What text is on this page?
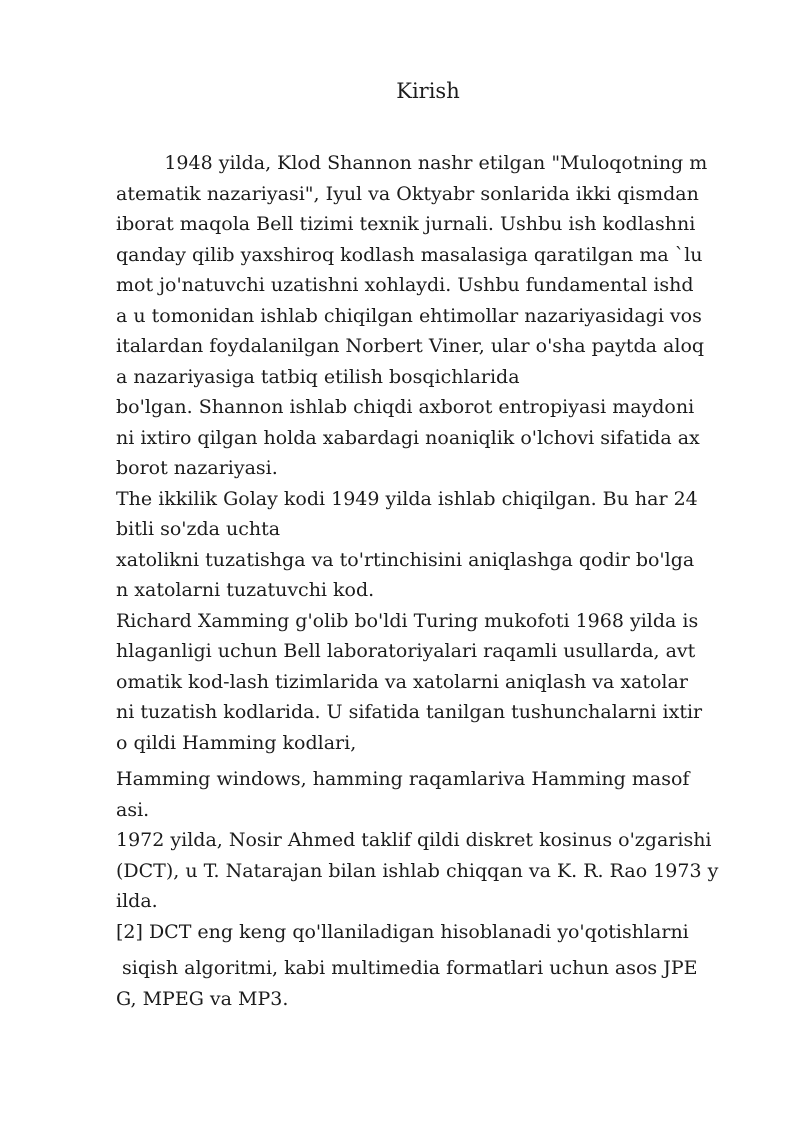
Kirish
1948 yilda, Klod Shannon nashr etilgan "Muloqotning m
atematik nazariyasi", Iyul va Oktyabr sonlarida ikki qismdan
iborat maqola Bell tizimi texnik jurnali. Ushbu ish kodlashni
qanday qilib yaxshiroq kodlash masalasiga qaratilgan ma `lu
mot jo'natuvchi uzatishni xohlaydi. Ushbu fundamental ishd
a u tomonidan ishlab chiqilgan ehtimollar nazariyasidagi vos
italardan foydalanilgan Norbert Viner, ular o'sha paytda aloq
a nazariyasiga tatbiq etilish bosqichlarida
bo'lgan. Shannon ishlab chiqdi axborot entropiyasi maydoni
ni ixtiro qilgan holda xabardagi noaniqlik o'lchovi sifatida ax
borot nazariyasi.
The ikkilik Golay kodi 1949 yilda ishlab chiqilgan. Bu har 24
bitli so'zda uchta
xatolikni tuzatishga va to'rtinchisini aniqlashga qodir bo'lga
n xatolarni tuzatuvchi kod.
Richard Xamming g'olib bo'ldi Turing mukofoti 1968 yilda is
hlaganligi uchun Bell laboratoriyalari raqamli usullarda, avt
omatik kod-lash tizimlarida va xatolarni aniqlash va xatolar
ni tuzatish kodlarida. U sifatida tanilgan tushunchalarni ixtir
o qildi Hamming kodlari,
Hamming windows, hamming raqamlariva Hamming masof
asi.
1972 yilda, Nosir Ahmed taklif qildi diskret kosinus o'zgarishi
(DCT), u T. Natarajan bilan ishlab chiqqan va K. R. Rao 1973 y
ilda.
[2] DCT eng keng qo'llaniladigan hisoblanadi yo'qotishlarni
siqish algoritmi, kabi multimedia formatlari uchun asos JPE
G, MPEG va MP3.
